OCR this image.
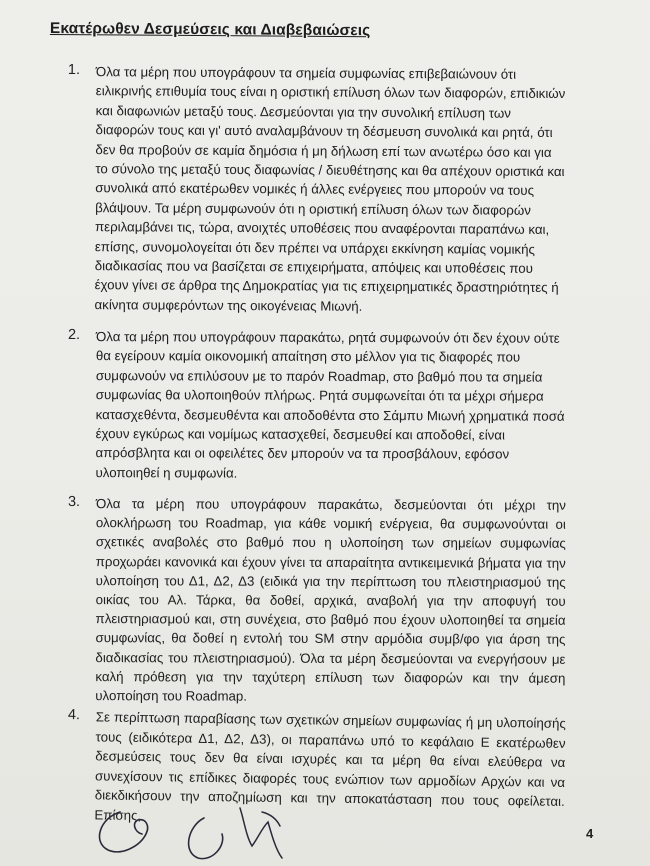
Εκατέρωθεν Δεσμεύσεις και Διαβεβαιώσεις
1. Όλα τα μέρη που υπογράφουν τα σημεία συμφωνίας επιβεβαιώνουν ότι ειλικρινής επιθυμία τους είναι η οριστική επίλυση όλων των διαφορών, επιδικιών και διαφωνιών μεταξύ τους. Δεσμεύονται για την συνολική επίλυση των διαφορών τους και γι' αυτό αναλαμβάνουν τη δέσμευση συνολικά και ρητά, ότι δεν θα προβούν σε καμία δημόσια ή μη δήλωση επί των ανωτέρω όσο και για το σύνολο της μεταξύ τους διαφωνίας / διευθέτησης και θα απέχουν οριστικά και συνολικά από εκατέρωθεν νομικές ή άλλες ενέργειες που μπορούν να τους βλάψουν. Τα μέρη συμφωνούν ότι η οριστική επίλυση όλων των διαφορών περιλαμβάνει τις, τώρα, ανοιχτές υποθέσεις που αναφέρονται παραπάνω και, επίσης, συνομολογείται ότι δεν πρέπει να υπάρχει εκκίνηση καμίας νομικής διαδικασίας που να βασίζεται σε επιχειρήματα, απόψεις και υποθέσεις που έχουν γίνει σε άρθρα της Δημοκρατίας για τις επιχειρηματικές δραστηριότητες ή ακίνητα συμφερόντων της οικογένειας Μιωνή.
2. Όλα τα μέρη που υπογράφουν παρακάτω, ρητά συμφωνούν ότι δεν έχουν ούτε θα εγείρουν καμία οικονομική απαίτηση στο μέλλον για τις διαφορές που συμφωνούν να επιλύσουν με το παρόν Roadmap, στο βαθμό που τα σημεία συμφωνίας θα υλοποιηθούν πλήρως. Ρητά συμφωνείται ότι τα μέχρι σήμερα κατασχεθέντα, δεσμευθέντα και αποδοθέντα στο Σάμπυ Μιωνή χρηματικά ποσά έχουν εγκύρως και νομίμως κατασχεθεί, δεσμευθεί και αποδοθεί, είναι απρόσβλητα και οι οφειλέτες δεν μπορούν να τα προσβάλουν, εφόσον υλοποιηθεί η συμφωνία.
3. Όλα τα μέρη που υπογράφουν παρακάτω, δεσμεύονται ότι μέχρι την ολοκλήρωση του Roadmap, για κάθε νομική ενέργεια, θα συμφωνούνται οι σχετικές αναβολές στο βαθμό που η υλοποίηση των σημείων συμφωνίας προχωράει κανονικά και έχουν γίνει τα απαραίτητα αντικειμενικά βήματα για την υλοποίηση του Δ1, Δ2, Δ3 (ειδικά για την περίπτωση του πλειστηριασμού της οικίας του Αλ. Τάρκα, θα δοθεί, αρχικά, αναβολή για την αποφυγή του πλειστηριασμού και, στη συνέχεια, στο βαθμό που έχουν υλοποιηθεί τα σημεία συμφωνίας, θα δοθεί η εντολή του SM στην αρμόδια συμβ/φο για άρση της διαδικασίας του πλειστηριασμού). Όλα τα μέρη δεσμεύονται να ενεργήσουν με καλή πρόθεση για την ταχύτερη επίλυση των διαφορών και την άμεση υλοποίηση του Roadmap.
4. Σε περίπτωση παραβίασης των σχετικών σημείων συμφωνίας ή μη υλοποίησής τους (ειδικότερα Δ1, Δ2, Δ3), οι παραπάνω υπό το κεφάλαιο Ε εκατέρωθεν δεσμεύσεις τους δεν θα είναι ισχυρές και τα μέρη θα είναι ελεύθερα να συνεχίσουν τις επίδικες διαφορές τους ενώπιον των αρμοδίων Αρχών και να διεκδικήσουν την αποζημίωση και την αποκατάσταση που τους οφείλεται. Επίσης,
4
